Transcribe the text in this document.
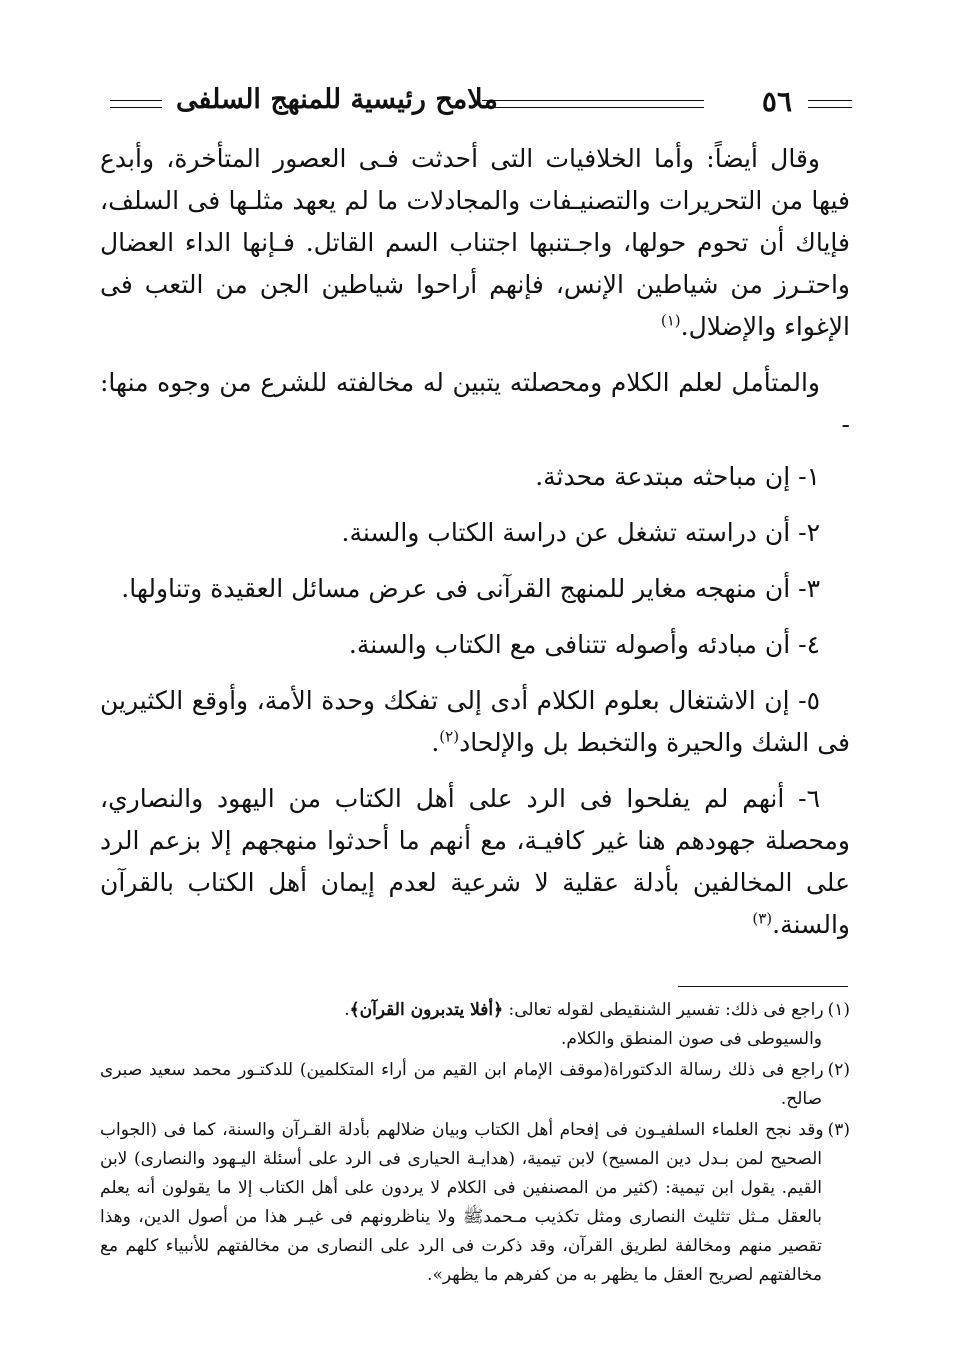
٥٦
ملامح رئيسية للمنهج السلفى

وقال أيضاً: وأما الخلافيات التى أحدثت فـى العصور المتأخرة، وأبدع فيها من التحريرات والتصنيـفات والمجادلات ما لم يعهد مثلـها فى السلف، فإياك أن تحوم حولها، واجـتنبها اجتناب السم القاتل. فـإنها الداء العضال واحتـرز من شياطين الإنس، فإنهم أراحوا شياطين الجن من التعب فى الإغواء والإضلال.$^{(١)}$

والمتأمل لعلم الكلام ومحصلته يتبين له مخالفته للشرع من وجوه منها: -

١- إن مباحثه مبتدعة محدثة.

٢- أن دراسته تشغل عن دراسة الكتاب والسنة.

٣- أن منهجه مغاير للمنهج القرآنى فى عرض مسائل العقيدة وتناولها.

٤- أن مبادئه وأصوله تتنافى مع الكتاب والسنة.

٥- إن الاشتغال بعلوم الكلام أدى إلى تفكك وحدة الأمة، وأوقع الكثيرين فى الشك والحيرة والتخبط بل والإلحاد$^{(٢)}$.

٦- أنهم لم يفلحوا فى الرد على أهل الكتاب من اليهود والنصاري، ومحصلة جهودهم هنا غير كافيـة، مع أنهم ما أحدثوا منهجهم إلا بزعم الرد على المخالفين بأدلة عقلية لا شرعية لعدم إيمان أهل الكتاب بالقرآن والسنة.$^{(٣)}$

(١)راجع فى ذلك: تفسير الشنقيطى لقوله تعالى: ﴿أفلا يتدبرون القرآن﴾.
والسيوطى فى صون المنطق والكلام.

(٢)راجع فى ذلك رسالة الدكتوراة(موقف الإمام ابن القيم من أراء المتكلمين) للدكتـور محمد سعيد صبرى صالح.

(٣)وقد نجح العلماء السلفيـون فى إفحام أهل الكتاب وبيان ضلالهم بأدلة القـرآن والسنة، كما فى (الجواب الصحيح لمن بـدل دين المسيح) لابن تيمية، (هدايـة الحيارى فى الرد على أسئلة اليـهود والنصارى) لابن القيم. يقول ابن تيمية: (كثير من المصنفين فى الكلام لا يردون على أهل الكتاب إلا ما يقولون أنه يعلم بالعقل مـثل تثليث النصارى ومثل تكذيب مـحمدﷺ ولا يناظرونهم فى غيـر هذا من أصول الدين، وهذا تقصير منهم ومخالفة لطريق القرآن، وقد ذكرت فى الرد على النصارى من مخالفتهم للأنبياء كلهم مع مخالفتهم لصريح العقل ما يظهر به من كفرهم ما يظهر».
